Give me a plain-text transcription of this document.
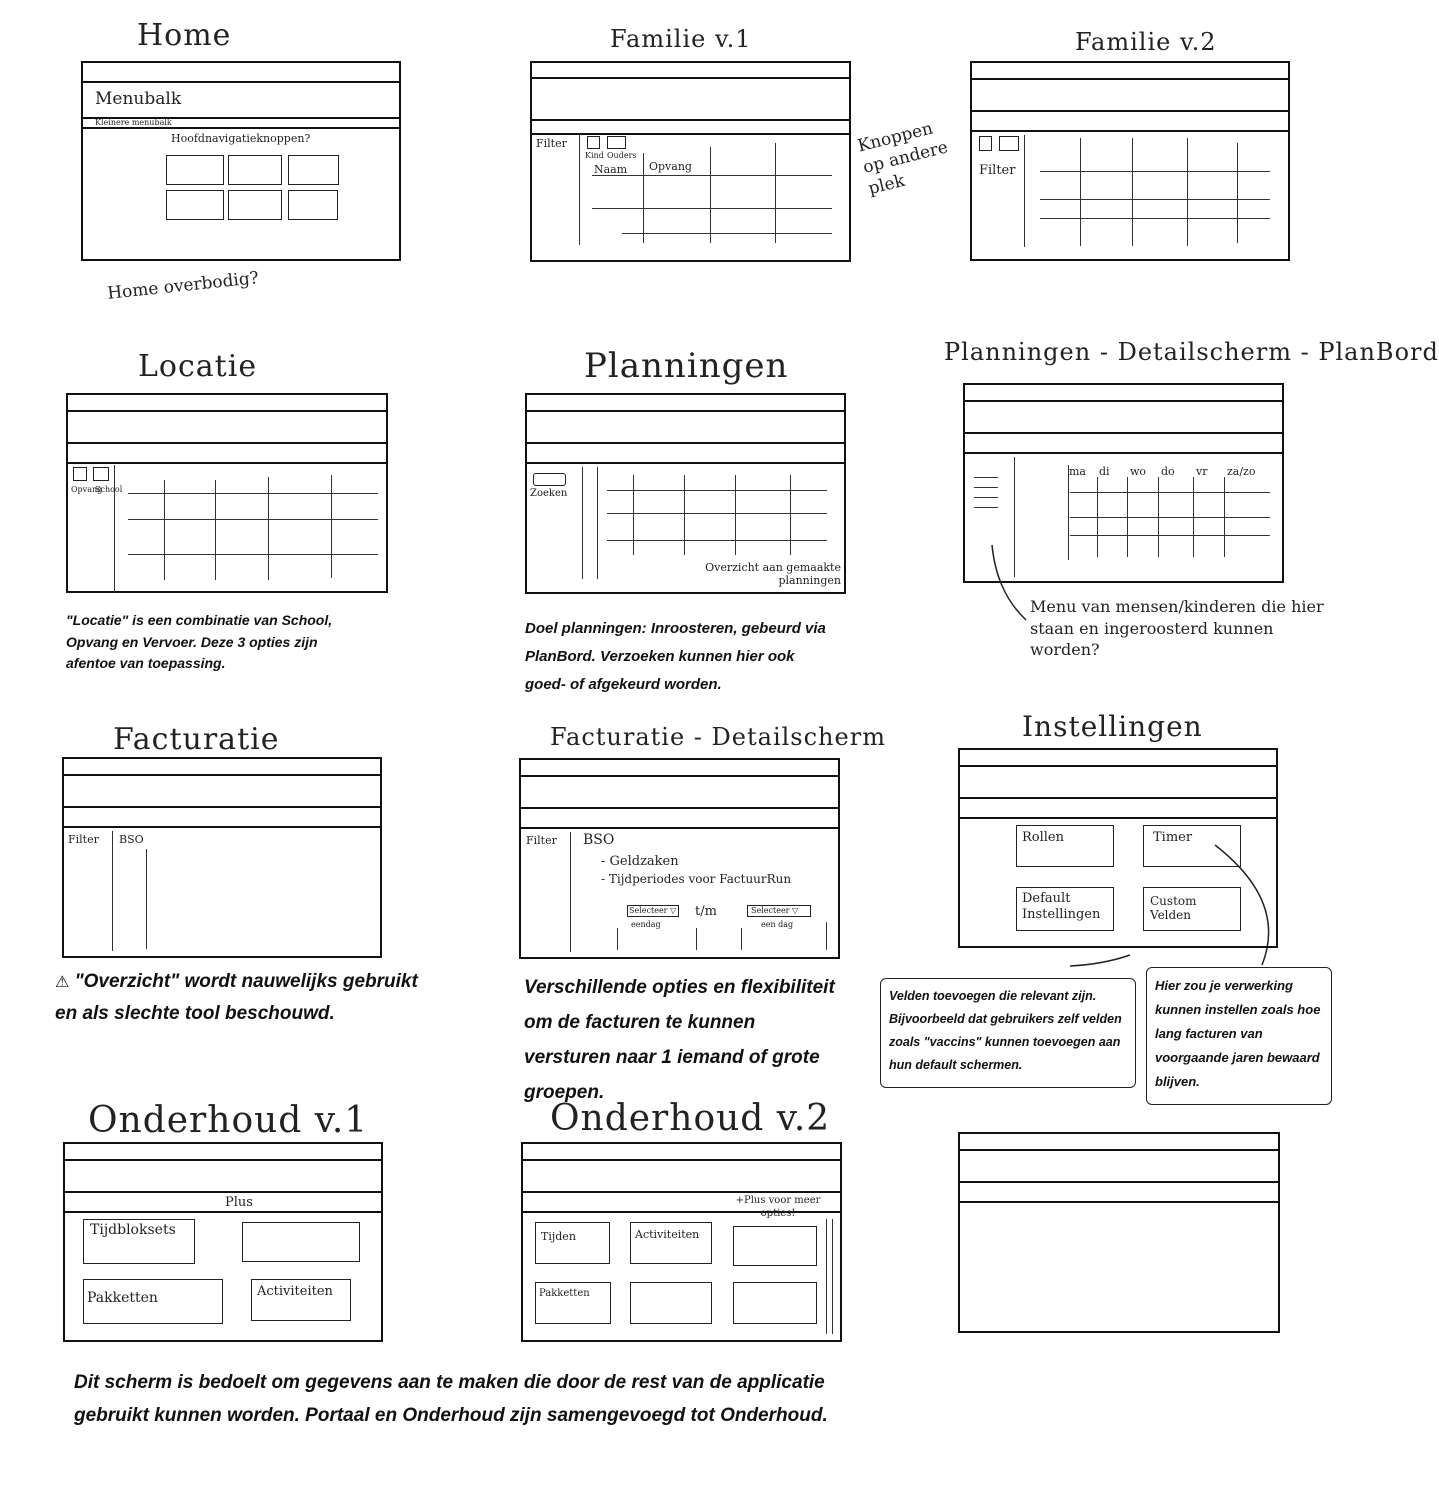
Home
Menubalk
Kleinere menubalk
Hoofdnavigatieknoppen?
Home overbodig?
Familie v.1
Filter
Kind Ouders
Naam Opvang
Knoppen op andere plek
Familie v.2
Filter
Locatie
Opvang
School
"Locatie" is een combinatie van School, Opvang en Vervoer. Deze 3 opties zijn afentoe van toepassing.
Planningen
Zoeken
Overzicht aan gemaakte planningen
Doel planningen: Inroosteren, gebeurd via PlanBord. Verzoeken kunnen hier ook goed- of afgekeurd worden.
Planningen - Detailscherm - PlanBord
ma di wo do vr za/zo
Menu van mensen/kinderen die hier staan en ingeroosterd kunnen worden?
Facturatie
Filter BSO
⚠ "Overzicht" wordt nauwelijks gebruikt en als slechte tool beschouwd.
Facturatie - Detailscherm
Filter BSO
- Geldzaken
- Tijdperiodes voor FactuurRun
Selecteer ▽
eendag
t/m	Selecteer ▽
een dag
Verschillende opties en flexibiliteit om de facturen te kunnen versturen naar 1 iemand of grote groepen.
Instellingen
Rollen	Timer
Default Instellingen
Custom Velden
Velden toevoegen die relevant zijn. Bijvoorbeeld dat gebruikers zelf velden zoals "vaccins" kunnen toevoegen aan hun default schermen.
Hier zou je verwerking kunnen instellen zoals hoe lang facturen van voorgaande jaren bewaard blijven.
Onderhoud v.1
Plus
Tijdbloksets
Pakketten	Activiteiten
Onderhoud v.2
+Plus voor meer opties!
Tijden	Activiteiten
Pakketten
Dit scherm is bedoelt om gegevens aan te maken die door de rest van de applicatie gebruikt kunnen worden. Portaal en Onderhoud zijn samengevoegd tot Onderhoud.
